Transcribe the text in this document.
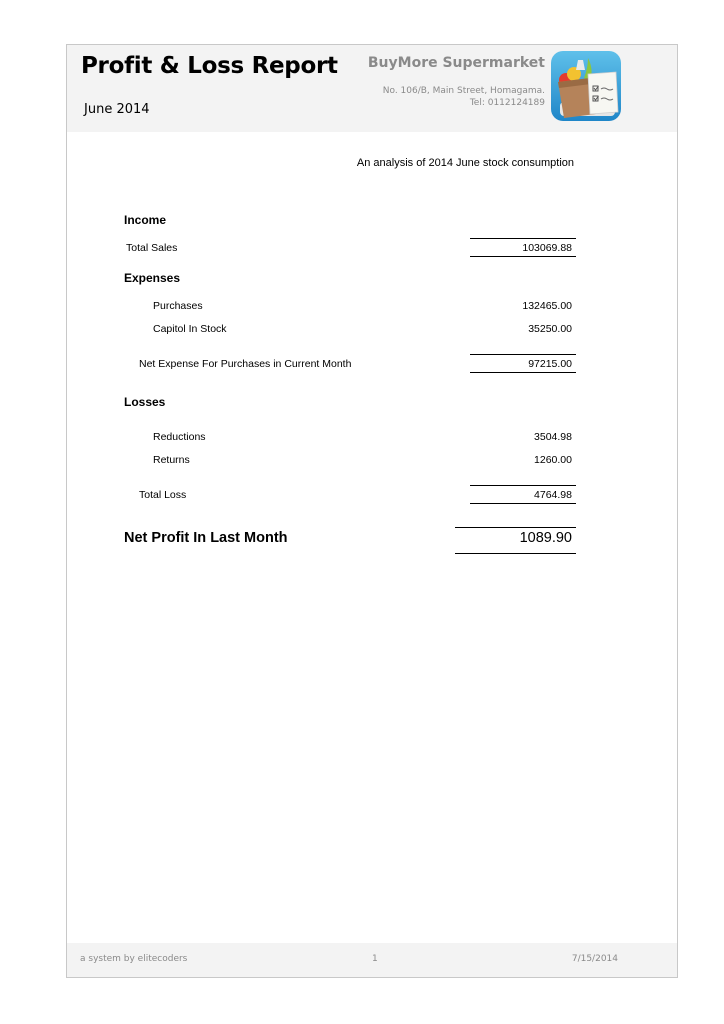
Profit & Loss Report
June 2014
BuyMore Supermarket
No. 106/B, Main Street, Homagama.
Tel: 0112124189
An analysis of 2014 June stock consumption
Income
Total Sales	103069.88
Expenses
Purchases	132465.00
Capitol In Stock	35250.00
Net Expense For Purchases in Current Month	97215.00
Losses
Reductions	3504.98
Returns	1260.00
Total Loss	4764.98
Net Profit In Last Month	1089.90
a system by elitecoders	1	7/15/2014
